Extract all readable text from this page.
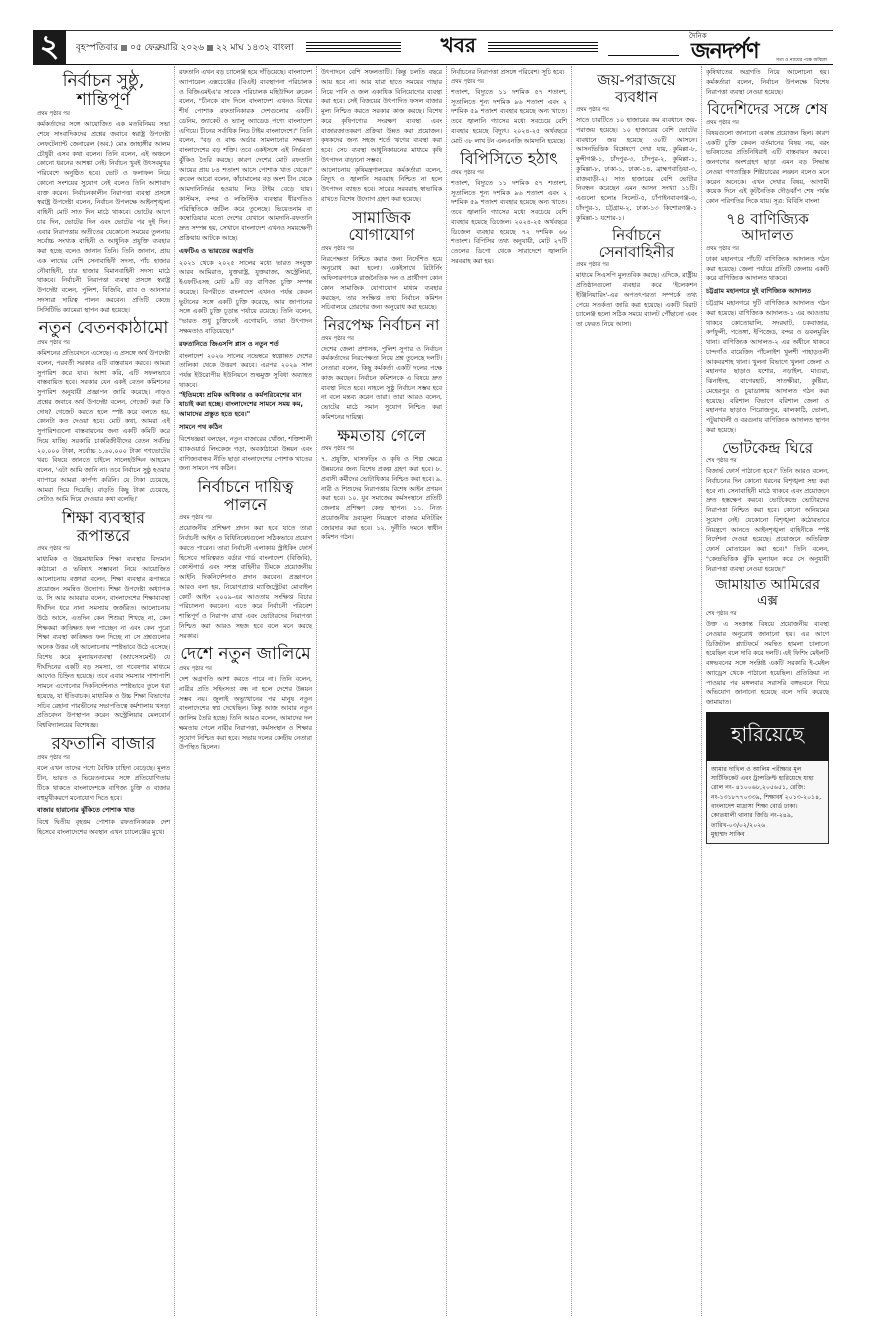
২	বৃহস্পতিবার ০৫ ফেব্রুয়ারি ২০২৬ ২২ মাঘ ১৪৩২ বাংলা	খবর	দৈনিক
জনদর্পণ	সত্য ও ন্যায়ের পক্ষে অবিচল
নির্বাচন সুষ্ঠু, শান্তিপূর্ণ
প্রথম পৃষ্ঠার পর

কর্মকর্তাদের সঙ্গে আয়োজিত এক মতবিনিময় সভা শেষে সাংবাদিকদের প্রশ্নের জবাবে স্বরাষ্ট্র উপদেষ্টা লেফটেন্যান্ট জেনারেল (অব.) মোঃ জাহাঙ্গীর আলম চৌধুরী এসব কথা বলেন। তিনি বলেন, এই অঞ্চলে কোনো ধরনের আশঙ্কা নেই। নির্বাচন খুবই উৎসবমুখর পরিবেশে অনুষ্ঠিত হবে। ভোট ও ফলাফল নিয়ে কোনো সংশয়ের সুযোগ নেই বলেও তিনি আশাবাদ ব্যক্ত করেন। নির্বাচনকালীন নিরাপত্তা ব্যবস্থা প্রসঙ্গে স্বরাষ্ট্র উপদেষ্টা বলেন, নির্বাচন উপলক্ষে আইনশৃঙ্খলা বাহিনী মোট সাত দিন মাঠে থাকবে। ভোটের আগে চার দিন, ভোটের দিন এবং ভোটের পর দুই দিন। এবার নিরাপত্তায় অতীতের যেকোনো সময়ের তুলনায় সর্বোচ্চ সংখ্যক বাহিনী ও আধুনিক প্রযুক্তি ব্যবহার করা হচ্ছে বলেও জানান তিনি। তিনি জানান, প্রায় এক লাখের বেশি সেনাবাহিনী সদস্য, পাঁচ হাজার নৌবাহিনী, চার হাজার বিমানবাহিনী সদস্য মাঠে থাকবে। নির্বাচনী নিরাপত্তা ব্যবস্থা প্রসঙ্গে স্বরাষ্ট্র উপদেষ্টা বলেন, পুলিশ, বিজিবি, র‍্যাব ও আনসার সদস্যরা দায়িত্ব পালন করবেন। প্রতিটি কেন্দ্রে সিসিটিভি ক্যামেরা স্থাপন করা হয়েছে।

নতুন বেতনকাঠামো
প্রথম পৃষ্ঠার পর

কমিশনের প্রতিবেদনে এসেছে। এ প্রসঙ্গে অর্থ উপদেষ্টা বলেন, পরবর্তী সরকার এটি বাস্তবায়ন করবে। আমরা সুপারিশ করে যাব। আশা করি, এটি সফলভাবে বাস্তবায়িত হবে। সরকার যেন একই বেতন কমিশনের সুপারিশ অনুযায়ী প্রজ্ঞাপন জারি করেছে। নাড়ও প্রশ্নের জবাবে অর্থ উপদেষ্টা বলেন, গেজেট করা কি দোষ? গেজেট করতে হলে স্পষ্ট করে বলতে হয়, কোনটা কত দেওয়া হবে। মোট কথা, আমরা এই সুপারিশগুলো বাস্তবায়নের জন্য একটি কমিটি করে দিয়ে যাচ্ছি। সরকারি চাকরিজীবীদের বেতন সর্বনিম্ন ২০,০০০ টাকা, সর্বোচ্চ ১,৬০,০০০ টাকা গণভোটের খরচ বিষয়ে জানতে চাইলে সালেহউদ্দিন আহমেদ বলেন, 'এটা আমি জানি না। তবে নির্বাচন সুষ্ঠু হওয়ার ব্যাপারে আমরা কার্পণ্য করিনি। যে টাকা চেয়েছে, আমরা দিয়ে দিয়েছি। বাড়তি কিছু টাকা চেয়েছে, সেটাও আমি দিয়ে দেওয়ার কথা বলেছি।'

শিক্ষা ব্যবস্থার রূপান্তরে
প্রথম পৃষ্ঠার পর

মাধ্যমিক ও উচ্চমাধ্যমিক শিক্ষা ব্যবস্থার বিদ্যমান কাঠামো ও ভবিষ্যৎ সম্ভাবনা নিয়ে আয়োজিত আলোচনায় বক্তারা বলেন, শিক্ষা ব্যবস্থার রূপান্তরে প্রয়োজন সমন্বিত উদ্যোগ। শিক্ষা উপদেষ্টা অধ্যাপক ড. সি আর আবরার বলেন, বাংলাদেশের শিক্ষাব্যবস্থা দীর্ঘদিন ধরে নানা সমস্যায় জর্জরিত। আলোচনায় উঠে আসে, এতদিন কেন শিশুরা শিখছে না, কেন শিক্ষকরা কাঙ্ক্ষিত ফল পাচ্ছেন না এবং কেন পুরো শিক্ষা ব্যবস্থা কাঙ্ক্ষিত ফল দিচ্ছে না সে প্রশ্নগুলোর অনেক উত্তর এই আলোচনায় স্পষ্টভাবে উঠে এসেছে। বিশেষ করে মূল্যায়নব্যবস্থা (অ্যাসেসমেন্ট) যে দীর্ঘদিনের একটি বড় সমস্যা, তা গবেষণার মাধ্যমে আগেও চিহ্নিত হয়েছে। তবে এবার সমস্যার পাশাপাশি সামনে এগোনোর দিকনির্দেশনাও স্পষ্টভাবে তুলে ধরা হয়েছে, যা ইতিবাচক। মাধ্যমিক ও উচ্চ শিক্ষা বিভাগের সচিব রেহানা পারভীনের সভাপতিত্বে কর্মশালায় খসড়া প্রতিবেদন উপস্থাপন করেন অস্ট্রেলিয়ার মেলবোর্ন বিশ্ববিদ্যালয়ের বিশেষজ্ঞ।

রফতানি বাজার
প্রথম পৃষ্ঠার পর

বলে এখন তাদের পণ্যে বৈশ্বিক চাহিদা বেড়েছে। মূলত চীন, ভারত ও ভিয়েতনামের সঙ্গে প্রতিযোগিতায় টিকে থাকতে বাংলাদেশকে বাণিজ্য চুক্তি ও বাজার বহুমুখীকরণে মনোযোগ দিতে হবে।

বাজার হারানোর ঝুঁকিতে পোশাক খাত

বিশ্বে দ্বিতীয় বৃহত্তম পোশাক রফতানিকারক দেশ হিসেবে বাংলাদেশের অবস্থান এখন চ্যালেঞ্জের মুখে।

রফতানি এখন বড় চ্যালেঞ্জ হয়ে দাঁড়িয়েছে। বাংলাদেশ অ্যাপারেল এক্সচেঞ্জের (বিএই) ব্যবস্থাপনা পরিচালক ও বিজিএমইএ'র সাবেক পরিচালক মহিউদ্দিন রুবেল বলেন, "চীনকে বাদ দিলে বাংলাদেশ এখনও বিশ্বের শীর্ষ পোশাক রফতানিকারক দেশগুলোর একটি। ডেনিম, জ্যাকেট ও ভ্যালু অ্যাডেড পণ্যে বাংলাদেশ এগিয়ে। চীনের সর্বাধিক লিড টাইম বাংলাদেশে।" তিনি বলেন, "বড় ও বাল্ক অর্ডার সামলানোর সক্ষমতা বাংলাদেশের বড় শক্তি। তবে একইসঙ্গে এই নির্ভরতা ঝুঁকিও তৈরি করছে। কারণ দেশের মোট রফতানি আয়ের প্রায় ৮৪ শতাংশ আসে পোশাক খাত থেকে।" রুবেল আরো বলেন, কাঁচামালের বড় অংশ চীন থেকে আমদানিনির্ভর হওয়ায় লিড টাইম বেড়ে যায়। কাস্টমস, বন্দর ও লজিস্টিক ব্যবস্থার ধীরগতিও পরিস্থিতিকে জটিল করে তুলেছে। ভিয়েতনাম বা কম্বোডিয়ার মতো দেশের যেখানে আমদানি-রফতানি দ্রুত সম্পন্ন হয়, সেখানে বাংলাদেশ এখনও সময়ক্ষেপী প্রক্রিয়ায় আটকে আছে।

এফটিএ ও ভারতের অগ্রগতি

২০২১ থেকে ২০২৫ সালের মধ্যে ভারত সংযুক্ত আরব আমিরাত, যুক্তরাষ্ট্র, যুক্তরাজ্য, অস্ট্রেলিয়া, ইএফটিএসহ মোট ৯টি বড় বাণিজ্য চুক্তি সম্পন্ন করেছে। বিপরীতে বাংলাদেশ এখনও পর্যন্ত কেবল ভুটানের সঙ্গে একটি চুক্তি করেছে, আর জাপানের সঙ্গে একটি চুক্তি চূড়ান্ত পর্যায়ে রয়েছে। তিনি বলেন, "ভারত শুধু চুক্তিতেই এগোয়নি, তারা উৎপাদন সক্ষমতাও বাড়িয়েছে।"

রফতানিতে জিএসপি প্লাস ও নতুন শর্ত

বাংলাদেশ ২০২৬ সালের নভেম্বরে স্বল্পোন্নত দেশের তালিকা থেকে উত্তরণ করবে। এরপর ২০২৯ সাল পর্যন্ত ইউরোপীয় ইউনিয়নে শুল্কমুক্ত সুবিধা অব্যাহত থাকবে।

"ইতিমধ্যে শ্রমিক অধিকার ও কর্মপরিবেশের মান যাচাই করা হচ্ছে। বাংলাদেশের সামনে সময় কম, আমাদের প্রস্তুত হতে হবে।"

সামনে পথ কঠিন

বিশেষজ্ঞরা বলছেন, নতুন বাজারের খোঁজা, শক্তিশালী ব্যাকওয়ার্ড লিংকেজ গড়া, অবকাঠামো উন্নয়ন এবং বাণিজ্যবান্ধব নীতি ছাড়া বাংলাদেশের পোশাক খাতের জন্য সামনে পথ কঠিন।

নির্বাচনে দায়িত্ব পালনে
প্রথম পৃষ্ঠার পর

প্রয়োজনীয় প্রশিক্ষণ প্রদান করা হবে যাতে তারা নির্বাচনী আইন ও বিধিনিষেধগুলো সঠিকভাবে প্রয়োগ করতে পারেন। তারা নির্বাচনী এলাকায় স্ট্রাইকিং ফোর্স হিসেবে দায়িত্বরত বর্ডার গার্ড বাংলাদেশ (বিজিবি), কোস্টগার্ড এবং সশস্ত্র বাহিনীর টিমকে প্রয়োজনীয় আইনি দিকনির্দেশনাও প্রদান করবেন। প্রজ্ঞাপনে আরও বলা হয়, নিয়োগপ্রাপ্ত ম্যাজিস্ট্রেটরা মোবাইল কোর্ট আইন ২০০৯-এর আওতায় সংক্ষিপ্ত বিচার পরিচালনা করবেন। এতে করে নির্বাচনী পরিবেশ শান্তিপূর্ণ ও নিরাপদ রাখা এবং ভোটারদের নিরাপত্তা নিশ্চিত করা আরও সহজ হবে বলে মনে করছে সরকার।

দেশে নতুন জালিমে
প্রথম পৃষ্ঠার পর

দেশ অগ্রগতি আশা করতে পারে না। তিনি বলেন, নারীর প্রতি সহিংসতা বন্ধ না হলে দেশের উন্নয়ন সম্ভব নয়। জুলাই অভ্যুত্থানের পর মানুষ নতুন বাংলাদেশের স্বপ্ন দেখেছিল। কিন্তু আজ আবার নতুন জালিম তৈরি হচ্ছে। তিনি আরও বলেন, আমাদের দল ক্ষমতায় গেলে নারীর নিরাপত্তা, কর্মসংস্থান ও শিক্ষার সুযোগ নিশ্চিত করা হবে। সভায় দলের কেন্দ্রীয় নেতারা উপস্থিত ছিলেন।

উৎপাদনে বেশি সফলতাটি। কিন্তু চলতি বছরে আয় হবে না। আর যারা হাতে সময়ের গাছার নিয়ে পানি ও জল একাধিক বিনিয়োগের ব্যবস্থা করা হবে। সেই বিজয়ের উৎপাদিত ফসল বাজার মূল্য নিশ্চিত করতে সরকার কাজ করছে। বিশেষ করে কৃষিপণ্যের সংরক্ষণ ব্যবস্থা এবং বাজারজাতকরণ প্রক্রিয়া উন্নত করা প্রয়োজন। কৃষকদের জন্য সহজ শর্তে ঋণের ব্যবস্থা করা হবে। সেচ ব্যবস্থা আধুনিকায়নের মাধ্যমে কৃষি উৎপাদন বাড়ানো সম্ভব।

আলোচনায় কৃষিমন্ত্রণালয়ের কর্মকর্তারা বলেন, বিদ্যুৎ ও জ্বালানি সরবরাহ নিশ্চিত না হলে উৎপাদন ব্যাহত হবে। সারের সরবরাহ স্বাভাবিক রাখতে বিশেষ উদ্যোগ গ্রহণ করা হয়েছে।

সামাজিক যোগাযোগ
প্রথম পৃষ্ঠার পর

নিরপেক্ষতা নিশ্চিত করার জন্য নির্দেশিত হয়ে অনুরোধ করা হলো। একইসাথে রিটার্নিং অফিসারগণকে রাজনৈতিক দল ও প্রার্থীগণ কোন কোন সামাজিক যোগাযোগ মাধ্যম ব্যবহার করছেন, তার সংক্ষিপ্ত তথ্য নির্বাচন কমিশন সচিবালয়ে প্রেরণের জন্য অনুরোধ করা হয়েছে।

নিরপেক্ষ নির্বাচন না
প্রথম পৃষ্ঠার পর

দেশের জেলা প্রশাসক, পুলিশ সুপার ও নির্বাচন কর্মকর্তাদের নিরপেক্ষতা নিয়ে প্রশ্ন তুলেছে দলটি। নেতারা বলেন, কিছু কর্মকর্তা একটি দলের পক্ষে কাজ করছেন। নির্বাচন কমিশনকে এ বিষয়ে দ্রুত ব্যবস্থা নিতে হবে। নাহলে সুষ্ঠু নির্বাচন সম্ভব হবে না বলে মন্তব্য করেন তারা। তারা আরও বলেন, ভোটের মাঠে সমান সুযোগ নিশ্চিত করা কমিশনের দায়িত্ব।

ক্ষমতায় গেলে
প্রথম পৃষ্ঠার পর

৭. প্রযুক্তি, ঘাসফড়িং ও কৃষি ও শিল্প ক্ষেত্রে উন্নয়নের জন্য বিশেষ প্রকল্প গ্রহণ করা হবে। ৮. প্রবাসী কর্মীদের ভোটাধিকার নিশ্চিত করা হবে। ৯. নারী ও শিশুদের নিরাপত্তায় বিশেষ আইন প্রণয়ন করা হবে। ১০. যুব সমাজের কর্মসংস্থানে প্রতিটি জেলায় প্রশিক্ষণ কেন্দ্র স্থাপন। ১১. নিত্য প্রয়োজনীয় দ্রব্যমূল্য নিয়ন্ত্রণে বাজার মনিটরিং জোরদার করা হবে। ১২. দুর্নীতি দমনে স্বাধীন কমিশন গঠন।

নির্বাচনের নিরাপত্তা প্রসঙ্গে পরিবেশ। সূচি হবে।

প্রথম পৃষ্ঠার পর

শতাংশ, বিদ্যুতে ১১ দশমিক ৫৭ শতাংশ, সূতালিতে শূন্য দশমিক ৯৬ শতাংশ এবং ২ দশমিক ৫৯ শতাংশ ব্যবহার হয়েছে অন্য খাতে। তবে জ্বালানি গ্যাসের মধ্যে সবচেয়ে বেশি ব্যবহার হয়েছে বিদ্যুৎ। ২০২৪-২৫ অর্থবছরে মোট ৩৮ লাখ টন এলএনজি আমদানি হয়েছে।

বিপিসিতে হঠাৎ
প্রথম পৃষ্ঠার পর

শতাংশ, বিদ্যুতে ১১ দশমিক ৫৭ শতাংশ, সূতালিতে শূন্য দশমিক ৯৬ শতাংশ এবং ২ দশমিক ৫৯ শতাংশ ব্যবহার হয়েছে অন্য খাতে। তবে জ্বালানি গ্যাসের মধ্যে সবচেয়ে বেশি ব্যবহার হয়েছে ডিজেল। ২০২৪-২৫ অর্থবছরে ডিজেল ব্যবহার হয়েছে ৭২ দশমিক ৬৬ শতাংশ। বিপিসির তথ্য অনুযায়ী, মোট ২৭টি তেলের ডিপো থেকে সারাদেশে জ্বালানি সরবরাহ করা হয়।

জয়-পরাজয়ে ব্যবধান
প্রথম পৃষ্ঠার পর

সাতে চারটিতে ১০ হাজারের কম ব্যবধানে জয়-পরাজয় হয়েছে। ১০ হাজারের বেশি ভোটের ব্যবধানে জয় হয়েছে ৩০টি আসনে। আসনভিত্তিক বিশ্লেষণে দেখা যায়, কুমিল্লা-৮, মুন্সীগঞ্জ-১, চাঁদপুর-৩, চাঁদপুর-২, কুমিল্লা-১, কুমিল্লা-৮, ঢাকা-১, ঢাকা-১৪, ব্রাহ্মণবাড়িয়া-৩, রাজবাড়ী-২। সাত হাজারের বেশি ভোটার নিবন্ধন করেছেন এমন আসন সংখ্যা ১১টি। এগুলো হলোঃ সিলেট-৫, চাঁপাইনবাবগঞ্জ-৩, চাঁদপুর-১, চট্টগ্রাম-২, ঢাকা-১৩ কিশোরগঞ্জ-১ কুমিল্লা-১ যশোর-১।

নির্বাচনে সেনাবাহিনীর
প্রথম পৃষ্ঠার পর

মাধ্যমে সিএসপি মুলতবিক করছে। এদিকে, রাষ্ট্রীয় প্রতিষ্ঠানগুলো ব্যবহার করে 'ইলেকশন ইঞ্জিনিয়ারিং'-এর অপতৎপরতা সম্পর্কে তথ্য পেয়ে সতর্কতা জারি করা হয়েছে। একটি বিরাট চ্যালেঞ্জ হলো সঠিক সময়ে ব্যালট পৌঁছানো এবং তা ফেরত নিয়ে আসা।

কৃষিখাতের অগ্রগতি নিয়ে আলোচনা হয়। কর্মকর্তারা বলেন, নির্বাচন উপলক্ষে বিশেষ নিরাপত্তা ব্যবস্থা নেওয়া হয়েছে।

বিদেশিদের সঙ্গে শেষ
প্রথম পৃষ্ঠার পর

বিষয়গুলো জানানো একান্ত প্রয়োজন ছিল। কারণ একটি চুক্তি কেবল বর্তমানের বিষয় নয়, বরং ভবিষ্যতের প্রতিনিধিরাই এটি বাস্তবায়ন করবে। জনগণের অংশগ্রহণ ছাড়া এমন বড় সিদ্ধান্ত নেওয়া গণতান্ত্রিক শিষ্টাচারের লঙ্ঘন বলেও মনে করেন অনেকে। এখন দেখার বিষয়, আগামী কয়েক দিনে এই কূটনৈতিক দৌড়ঝাঁপ শেষ পর্যন্ত কোন পরিণতির দিকে যায়। সূত্র: বিবিসি বাংলা

৭৪ বাণিজ্যিক আদালত
প্রথম পৃষ্ঠার পর

ঢাকা মহানগরে পাঁচটি বাণিজ্যিক আদালত গঠন করা হয়েছে। জেলা পর্যায়ে প্রতিটি জেলায় একটি করে বাণিজ্যিক আদালত থাকবে।

চট্টগ্রাম মহানগরে দুই বাণিজ্যিক আদালত

চট্টগ্রাম মহানগরে দুটি বাণিজ্যিক আদালত গঠন করা হয়েছে। বাণিজ্যিক আদালত-১ এর আওতায় থাকবে কোতোয়ালি, সদরঘাট, চকবাজার, কর্ণফুলী, পতেঙ্গা, ইপিজেড, বন্দর ও ডবলমুরিং থানা। বাণিজ্যিক আদালত-২ এর অধীনে থাকবে চান্দগাঁও বায়েজিদ পাঁচলাইশ খুলশী পাহাড়তলী আকবরশাহ থানা। খুলনা বিভাগে খুলনা জেলা ও মহানগর ছাড়াও যশোর, নড়াইল, মাগুরা, ঝিনাইদহ, বাগেরহাট, সাতক্ষীরা, কুষ্টিয়া, মেহেরপুর ও চুয়াডাঙ্গায় আদালত গঠন করা হয়েছে। বরিশাল বিভাগে বরিশাল জেলা ও মহানগর ছাড়াও পিরোজপুর, ঝালকাঠি, ভোলা, পটুয়াখালী ও বরগুনায় বাণিজ্যিক আদালত স্থাপন করা হয়েছে।

ভোটকেন্দ্র ঘিরে
শেষ পৃষ্ঠার পর

বিজার্ভ ফোর্স পাঠানো হবে।" তিনি আরও বলেন, নির্বাচনের দিন কোনো ধরনের বিশৃঙ্খলা সহ্য করা হবে না। সেনাবাহিনী মাঠে থাকবে এবং প্রয়োজনে দ্রুত হস্তক্ষেপ করবে। ভোটকেন্দ্রে ভোটারদের নিরাপত্তা নিশ্চিত করা হবে। কোনো অনিয়মের সুযোগ নেই। যেকোনো বিশৃঙ্খলা কঠোরভাবে নিয়ন্ত্রণে আনতে আইনশৃঙ্খলা বাহিনীকে স্পষ্ট নির্দেশনা দেওয়া হয়েছে। প্রয়োজনে অতিরিক্ত ফোর্স মোতায়েন করা হবে।" তিনি বলেন, "কেন্দ্রভিত্তিক ঝুঁকি মূল্যায়ন করে সে অনুযায়ী নিরাপত্তা ব্যবস্থা নেওয়া হয়েছে।"

জামায়াত আমিরের এক্স
শেষ পৃষ্ঠার পর

উক্ত এ সংক্রান্ত বিষয়ে প্রয়োজনীয় ব্যবস্থা নেওয়ার অনুরোধ জানানো হয়। এর আগে ডিজিটাল প্ল্যাটফর্মে সমন্বিত হামলা চালানো হয়েছিল বলে দাবি করে দলটি। এই ফিশিং মেইলটি বঙ্গভবনের সঙ্গে সংশ্লিষ্ট একটি সরকারি ই-মেইল অ্যাড্রেস থেকে পাঠানো হয়েছিল। প্রতিক্রিয়া না পাওয়ার পর মঙ্গলবার সরাসরি বঙ্গভবনে গিয়ে অভিযোগ জানানো হয়েছে বলে দাবি করেছে জামায়াত।

হারিয়েছে
আমার দাখিল ও আলিম পরীক্ষার মূল সার্টিফিকেট এবং ট্রান্সক্রিপ্ট হারিয়েছে যাহা রোল নং- ৪১০০৬৮,২০৫৬৫১, রেজি: নং-১৩১৮৭৭০৩৩৯, শিক্ষাবর্ষ ২০১৩-২০১৪, বাংলাদেশ মাদ্রাসা শিক্ষা বোর্ড ঢাকা। কোতয়ালী থানার জিডি নং-২৪৯, তারিখ-০৩/০২/২০২৬
মুহাম্মদ সাকিব
